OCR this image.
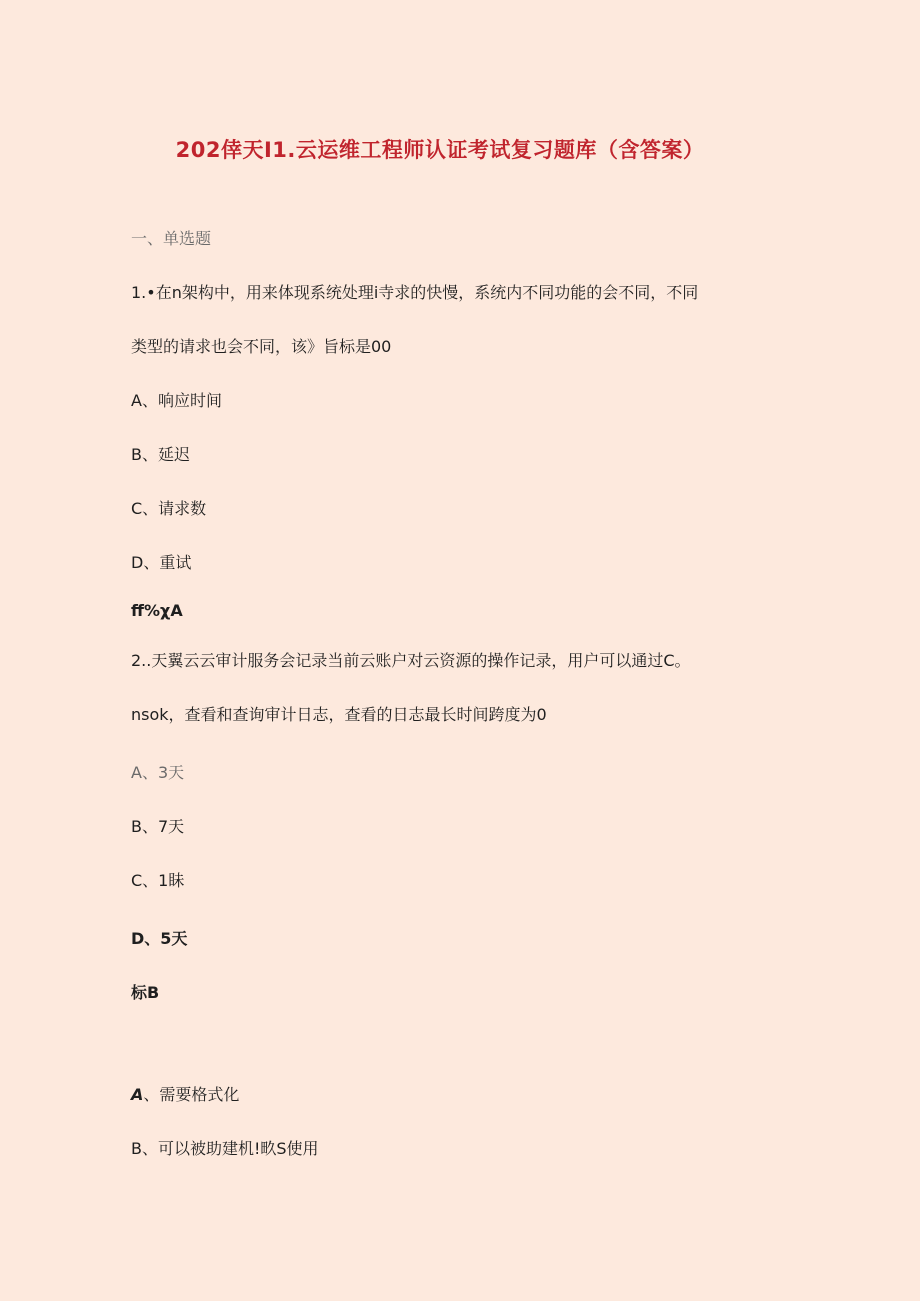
202倖天I1.云运维工程师认证考试复习题库（含答案）
一、单选题
1.•在n架构中，用来体现系统处理i寺求的快慢，系统内不同功能的会不同，不同
类型的请求也会不同，该》旨标是00
A、响应时间
B、延迟
C、请求数
D、重试
ff%χA
2..天翼云云审计服务会记录当前云账户对云资源的操作记录，用户可以通过C。
nsok，查看和查询审计日志，查看的日志最长时间跨度为0
A、3天
B、7天
C、1眛
D、5天
标B
A、需要格式化
B、可以被助建机!畂S使用
